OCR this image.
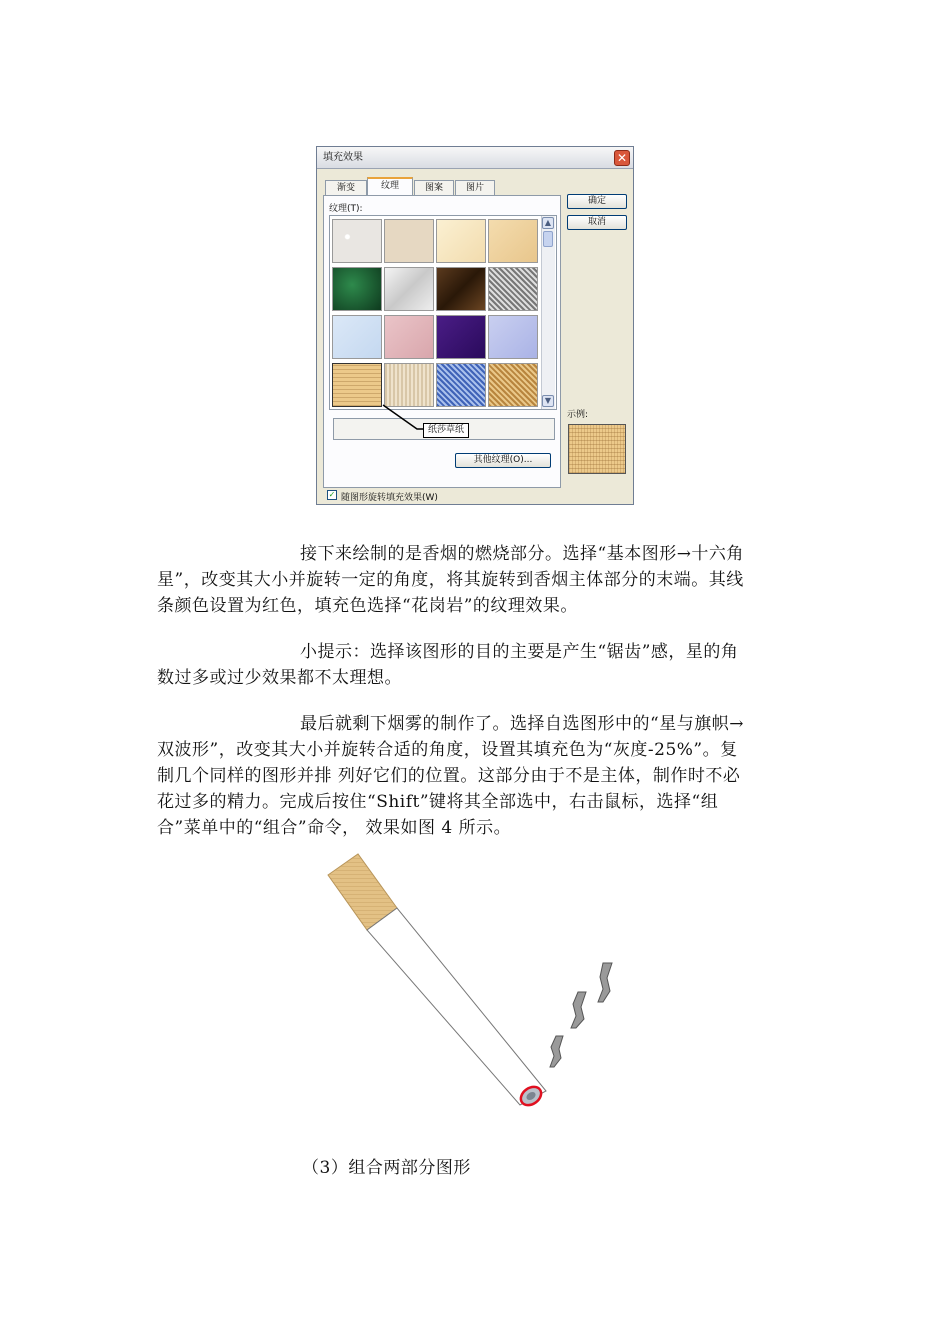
填充效果	✕
渐变	纹理	图案	图片
纹理(T):
▲
▼
纸莎草纸
其他纹理(O)...
确定
取消
示例:
✓ 随图形旋转填充效果(W)
接下来绘制的是香烟的燃烧部分。选择“基本图形→十六角
星”，改变其大小并旋转一定的角度，将其旋转到香烟主体部分的末端。其线
条颜色设置为红色，填充色选择“花岗岩”的纹理效果。
小提示：选择该图形的目的主要是产生“锯齿”感，星的角
数过多或过少效果都不太理想。
最后就剩下烟雾的制作了。选择自选图形中的“星与旗帜→
双波形”，改变其大小并旋转合适的角度，设置其填充色为“灰度-25%”。复
制几个同样的图形并排 列好它们的位置。这部分由于不是主体，制作时不必
花过多的精力。完成后按住“Shift”键将其全部选中，右击鼠标，选择“组
合”菜单中的“组合”命令， 效果如图 4 所示。
（3）组合两部分图形
